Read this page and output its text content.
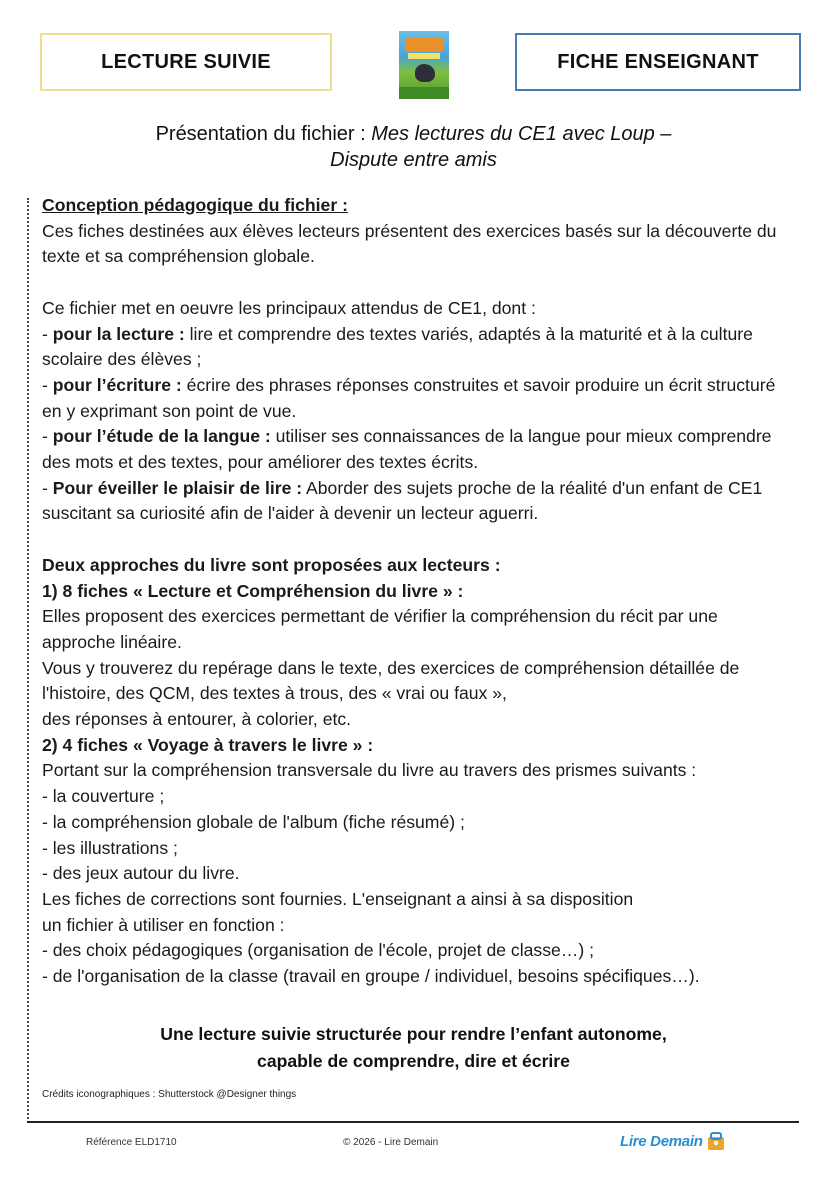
LECTURE SUIVIE	FICHE ENSEIGNANT
Présentation du fichier : Mes lectures du CE1 avec Loup –
Dispute entre amis

Conception pédagogique du fichier :

Ces fiches destinées aux élèves lecteurs présentent des exercices basés sur la découverte du texte et sa compréhension globale.

Ce fichier met en oeuvre les principaux attendus de CE1, dont :

- pour la lecture : lire et comprendre des textes variés, adaptés à la maturité et à la culture scolaire des élèves ;

- pour l’écriture : écrire des phrases réponses construites et savoir produire un écrit structuré en y exprimant son point de vue.

- pour l’étude de la langue : utiliser ses connaissances de la langue pour mieux comprendre des mots et des textes, pour améliorer des textes écrits.

- Pour éveiller le plaisir de lire : Aborder des sujets proche de la réalité d'un enfant de CE1 suscitant sa curiosité afin de l'aider à devenir un lecteur aguerri.

Deux approches du livre sont proposées aux lecteurs :

1) 8 fiches « Lecture et Compréhension du livre » :

Elles proposent des exercices permettant de vérifier la compréhension du récit par une approche linéaire.

Vous y trouverez du repérage dans le texte, des exercices de compréhension détaillée de l'histoire, des QCM, des textes à trous, des « vrai ou faux »,

des réponses à entourer, à colorier, etc.

2) 4 fiches « Voyage à travers le livre » :

Portant sur la compréhension transversale du livre au travers des prismes suivants :

- la couverture ;

- la compréhension globale de l'album (fiche résumé) ;

- les illustrations ;

- des jeux autour du livre.

Les fiches de corrections sont fournies. L'enseignant a ainsi à sa disposition

un fichier à utiliser en fonction :

- des choix pédagogiques (organisation de l'école, projet de classe…) ;

- de l'organisation de la classe (travail en groupe / individuel, besoins spécifiques…).

Une lecture suivie structurée pour rendre l’enfant autonome,
capable de comprendre, dire et écrire
Crédits iconographiques : Shutterstock @Designer things
Référence ELD1710	© 2026 - Lire Demain	Lire Demain
